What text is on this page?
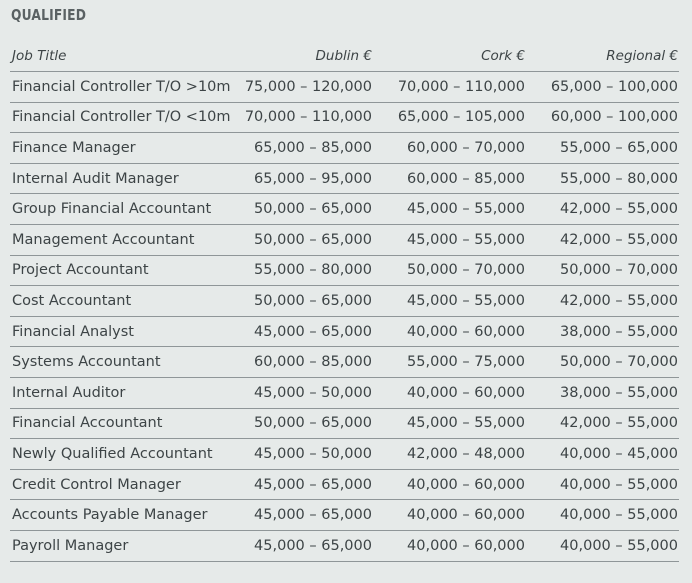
QUALIFIED
Job Title	Dublin €	Cork €	Regional €
Financial Controller T/O >10m	75,000 – 120,000	70,000 – 110,000	65,000 – 100,000
Financial Controller T/O <10m	70,000 – 110,000	65,000 – 105,000	60,000 – 100,000
Finance Manager	65,000 – 85,000	60,000 – 70,000	55,000 – 65,000
Internal Audit Manager	65,000 – 95,000	60,000 – 85,000	55,000 – 80,000
Group Financial Accountant	50,000 – 65,000	45,000 – 55,000	42,000 – 55,000
Management Accountant	50,000 – 65,000	45,000 – 55,000	42,000 – 55,000
Project Accountant	55,000 – 80,000	50,000 – 70,000	50,000 – 70,000
Cost Accountant	50,000 – 65,000	45,000 – 55,000	42,000 – 55,000
Financial Analyst	45,000 – 65,000	40,000 – 60,000	38,000 – 55,000
Systems Accountant	60,000 – 85,000	55,000 – 75,000	50,000 – 70,000
Internal Auditor	45,000 – 50,000	40,000 – 60,000	38,000 – 55,000
Financial Accountant	50,000 – 65,000	45,000 – 55,000	42,000 – 55,000
Newly Qualified Accountant	45,000 – 50,000	42,000 – 48,000	40,000 – 45,000
Credit Control Manager	45,000 – 65,000	40,000 – 60,000	40,000 – 55,000
Accounts Payable Manager	45,000 – 65,000	40,000 – 60,000	40,000 – 55,000
Payroll Manager	45,000 – 65,000	40,000 – 60,000	40,000 – 55,000
